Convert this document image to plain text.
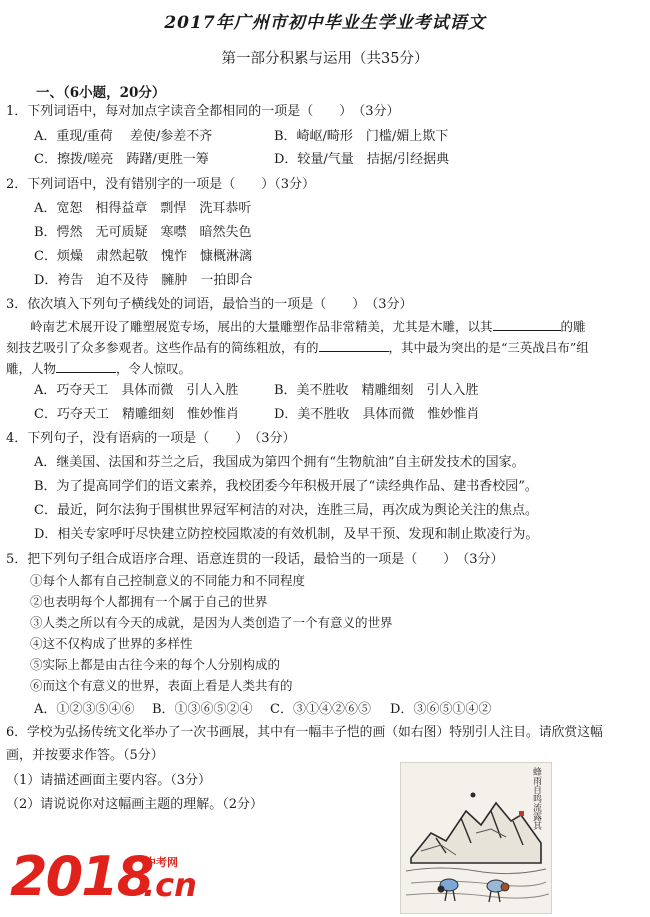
2017年广州市初中毕业生学业考试语文
第一部分积累与运用（共35分）
一、（6小题，20分）
1．下列词语中，每对加点字读音全都相同的一项是（　　）　（3分）
A．重现/重荷　 差使/参差不齐	B．崎岖/畸形　门槛/媚上欺下
C．擦拨/嗟亮　踌躇/更胜一筹	D．较量/气量　拮据/引经据典
2．下列词语中，没有错别字的一项是（　　）（3分）
A．宽恕　相得益章　剽悍　洗耳恭听
B．愕然　无可质疑　寒噤　暗然失色
C．烦燥　肃然起敬　愧怍　慷概淋漓
D．袴告　迫不及待　臃肿　一拍即合
3．依次填入下列句子横线处的词语，最恰当的一项是（　　）　（3分）
岭南艺术展开设了雕塑展览专场，展出的大量雕塑作品非常精美，尤其是木雕，以其	的雕
刻技艺吸引了众多参观者。这些作品有的简练粗放，有的	，其中最为突出的是“三英战吕布”组
雕，人物	，令人惊叹。
A．巧夺天工　具体而微　引人入胜	B．美不胜收　精雕细刻　引人入胜
C．巧夺天工　精雕细刻　惟妙惟肖	D．美不胜收　具体而微　惟妙惟肖
4．下列句子，没有语病的一项是（　　）　（3分）
A．继美国、法国和芬兰之后，我国成为第四个拥有“生物航油”自主研发技术的国家。
B．为了提高同学们的语文素养，我校团委今年积极开展了“读经典作品、建书香校园”。
C．最近，阿尔法狗于围棋世界冠军柯洁的对决，连胜三局，再次成为舆论关注的焦点。
D．相关专家呼吁尽快建立防控校园欺凌的有效机制，及早干预、发现和制止欺凌行为。
5．把下列句子组合成语序合理、语意连贯的一段话，最恰当的一项是（　　）　（3分）
①每个人都有自己控制意义的不同能力和不同程度
②也表明每个人都拥有一个属于自己的世界
③人类之所以有今天的成就，是因为人类创造了一个有意义的世界
④这不仅构成了世界的多样性
⑤实际上都是由古往今来的每个人分别构成的
⑥而这个有意义的世界，表面上看是人类共有的
A．①②③⑤④⑥ B．①③⑥⑤②④ C．③①④②⑥⑤ D．③⑥⑤①④②
6．学校为弘扬传统文化举办了一次书画展，其中有一幅丰子恺的画（如右图）特别引人注目。请欣赏这幅
画，并按要求作答。（5分）
（1）请描述画面主要内容。（3分）
（2）请说说你对这幅画主题的理解。（2分）	蜂雨自鸣流露其
2018
中考网
.cn
